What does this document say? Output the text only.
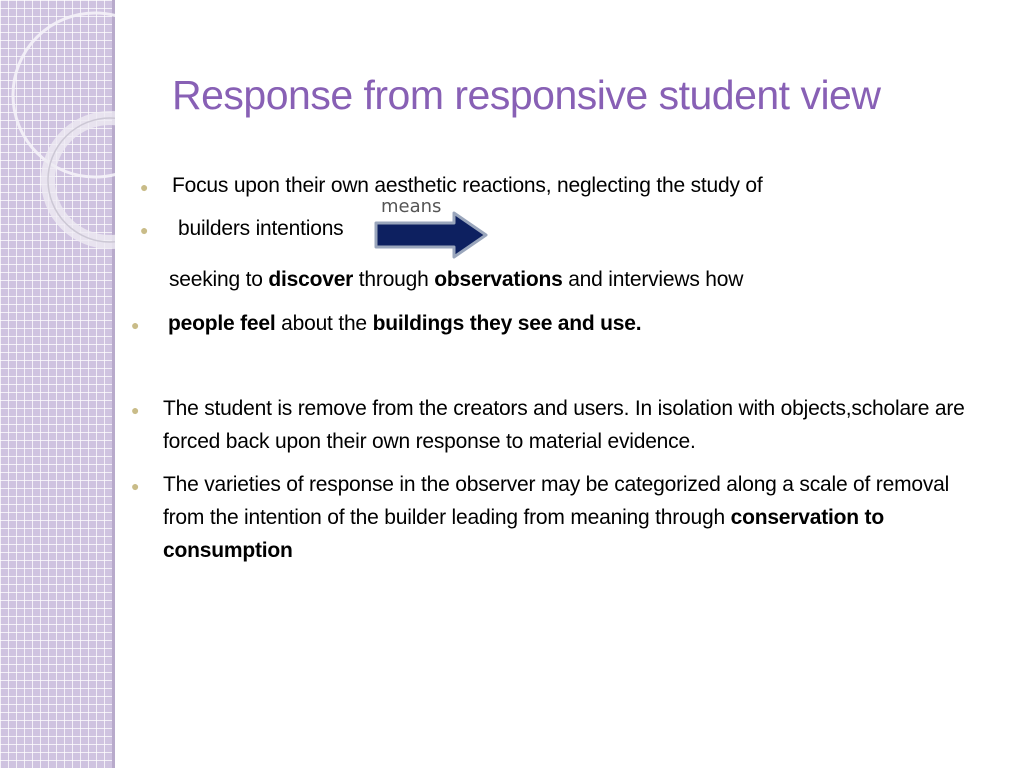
Response from responsive student view
● Focus upon their own aesthetic reactions, neglecting the study of
● builders intentions
means
seeking to discover through observations and interviews how
● people feel about the buildings they see and use.
● The student is remove from the creators and users. In isolation with objects,scholare are forced back upon their own response to material evidence.
● The varieties of response in the observer may be categorized along a scale of removal from the intention of the builder leading from meaning through conservation to consumption
